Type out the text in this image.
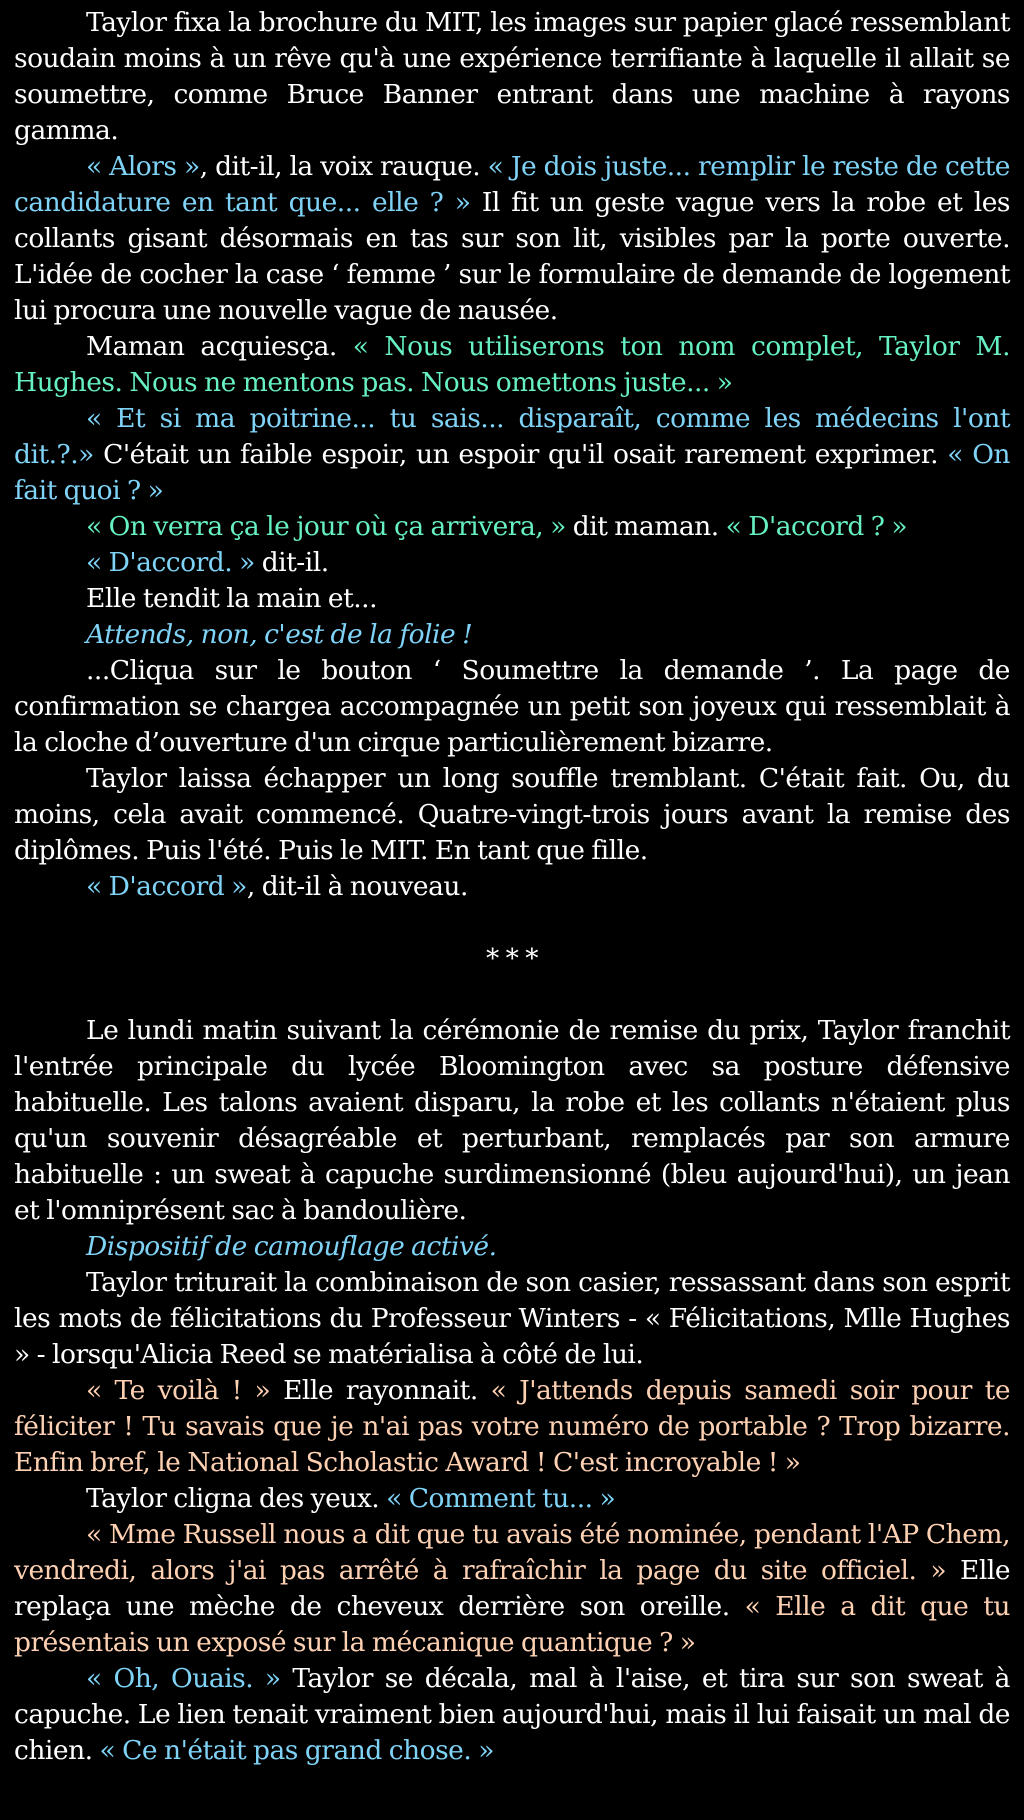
Taylor fixa la brochure du MIT, les images sur papier glacé ressemblant soudain moins à un rêve qu'à une expérience terrifiante à laquelle il allait se soumettre, comme Bruce Banner entrant dans une machine à rayons gamma.

« Alors », dit-il, la voix rauque. « Je dois juste... remplir le reste de cette candidature en tant que... elle ? » Il fit un geste vague vers la robe et les collants gisant désormais en tas sur son lit, visibles par la porte ouverte. L'idée de cocher la case ‘ femme ’ sur le formulaire de demande de logement lui procura une nouvelle vague de nausée.

Maman acquiesça. « Nous utiliserons ton nom complet, Taylor M. Hughes. Nous ne mentons pas. Nous omettons juste... »

« Et si ma poitrine... tu sais... disparaît, comme les médecins l'ont dit.?.» C'était un faible espoir, un espoir qu'il osait rarement exprimer. « On fait quoi ? »

« On verra ça le jour où ça arrivera, » dit maman. « D'accord ? »

« D'accord. » dit-il.

Elle tendit la main et...

Attends, non, c'est de la folie !

...Cliqua sur le bouton ‘ Soumettre la demande ’. La page de confirmation se chargea accompagnée un petit son joyeux qui ressemblait à la cloche d’ouverture d'un cirque particulièrement bizarre.

Taylor laissa échapper un long souffle tremblant. C'était fait. Ou, du moins, cela avait commencé. Quatre-vingt-trois jours avant la remise des diplômes. Puis l'été. Puis le MIT. En tant que fille.

« D'accord », dit-il à nouveau.

* * *

Le lundi matin suivant la cérémonie de remise du prix, Taylor franchit l'entrée principale du lycée Bloomington avec sa posture défensive habituelle. Les talons avaient disparu, la robe et les collants n'étaient plus qu'un souvenir désagréable et perturbant, remplacés par son armure habituelle : un sweat à capuche surdimensionné (bleu aujourd'hui), un jean et l'omniprésent sac à bandoulière.

Dispositif de camouflage activé.

Taylor triturait la combinaison de son casier, ressassant dans son esprit les mots de félicitations du Professeur Winters - « Félicitations, Mlle Hughes » - lorsqu'Alicia Reed se matérialisa à côté de lui.

« Te voilà ! » Elle rayonnait. « J'attends depuis samedi soir pour te féliciter ! Tu savais que je n'ai pas votre numéro de portable ? Trop bizarre. Enfin bref, le National Scholastic Award ! C'est incroyable ! »

Taylor cligna des yeux. « Comment tu... »

« Mme Russell nous a dit que tu avais été nominée, pendant l'AP Chem, vendredi, alors j'ai pas arrêté à rafraîchir la page du site officiel. » Elle replaça une mèche de cheveux derrière son oreille. « Elle a dit que tu présentais un exposé sur la mécanique quantique ? »

« Oh, Ouais. » Taylor se décala, mal à l'aise, et tira sur son sweat à capuche. Le lien tenait vraiment bien aujourd'hui, mais il lui faisait un mal de chien. « Ce n'était pas grand chose. »
